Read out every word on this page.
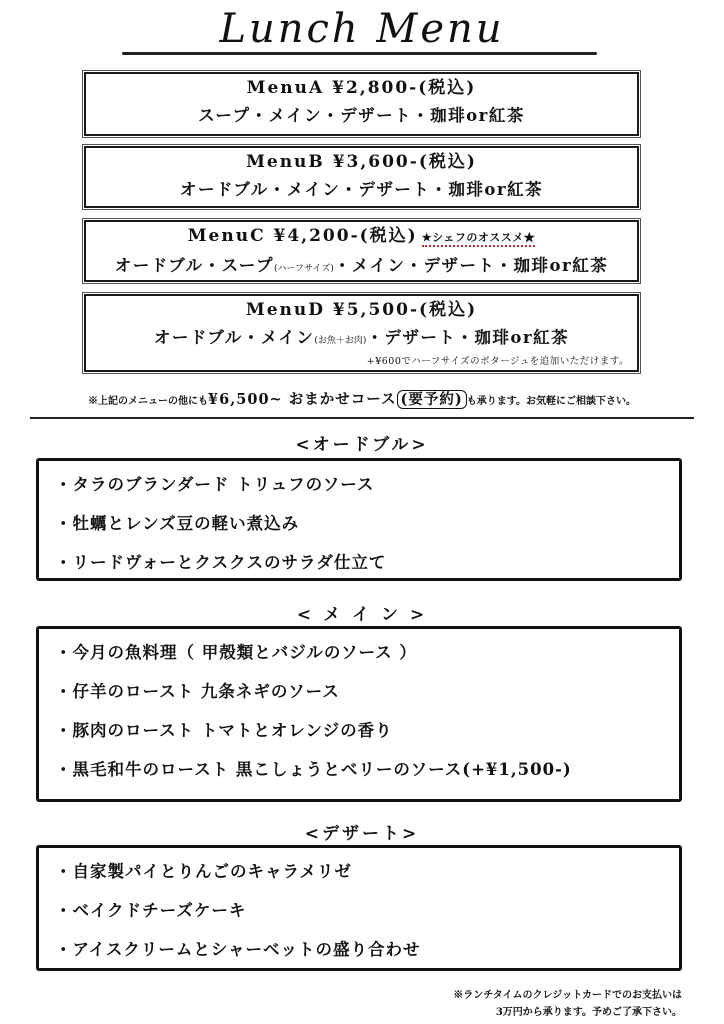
Lunch Menu
MenuA ¥2,800-(税込)
スープ・メイン・デザート・珈琲or紅茶
MenuB ¥3,600-(税込)
オードブル・メイン・デザート・珈琲or紅茶
MenuC ¥4,200-(税込) ★シェフのオススメ★
オードブル・スープ(ハーフサイズ)・メイン・デザート・珈琲or紅茶
MenuD ¥5,500-(税込)
オードブル・メイン(お魚＋お肉)・デザート・珈琲or紅茶
+¥600でハーフサイズのポタージュを追加いただけます。
※上記のメニューの他にも¥6,500~ おまかせコース (要予約) も承ります。お気軽にご相談下さい。
<オードブル>
・タラのブランダード トリュフのソース
・牡蠣とレンズ豆の軽い煮込み
・リードヴォーとクスクスのサラダ仕立て
< メ イ ン >
・今月の魚料理（ 甲殻類とバジルのソース ）
・仔羊のロースト 九条ネギのソース
・豚肉のロースト トマトとオレンジの香り
・黒毛和牛のロースト 黒こしょうとベリーのソース(+¥1,500-)
<デザート>
・自家製パイとりんごのキャラメリゼ
・ベイクドチーズケーキ
・アイスクリームとシャーベットの盛り合わせ
※ランチタイムのクレジットカードでのお支払いは
3万円から承ります。予めご了承下さい。
